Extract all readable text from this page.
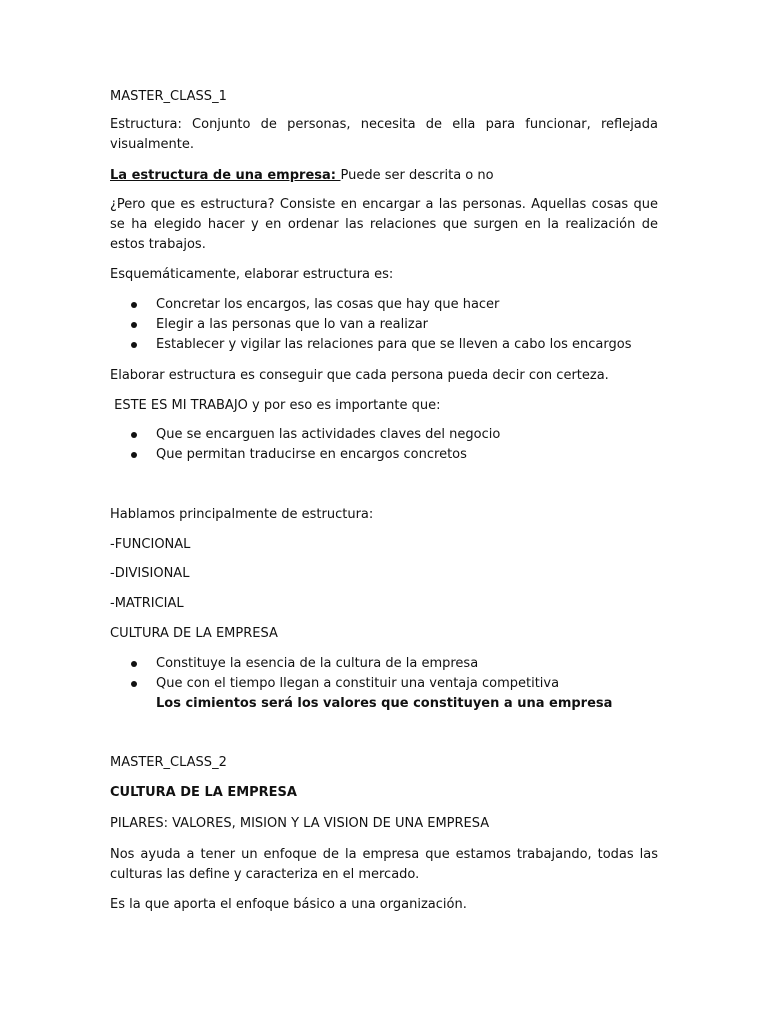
MASTER_CLASS_1

Estructura: Conjunto de personas, necesita de ella para funcionar, reflejada visualmente.

La estructura de una empresa: Puede ser descrita o no

¿Pero que es estructura? Consiste en encargar a las personas. Aquellas cosas que se ha elegido hacer y en ordenar las relaciones que surgen en la realización de estos trabajos.

Esquemáticamente, elaborar estructura es:

Concretar los encargos, las cosas que hay que hacer

Elegir a las personas que lo van a realizar

Establecer y vigilar las relaciones para que se lleven a cabo los encargos

Elaborar estructura es conseguir que cada persona pueda decir con certeza.

ESTE ES MI TRABAJO y por eso es importante que:

Que se encarguen las actividades claves del negocio

Que permitan traducirse en encargos concretos

Hablamos principalmente de estructura:

-FUNCIONAL

-DIVISIONAL

-MATRICIAL

CULTURA DE LA EMPRESA

Constituye la esencia de la cultura de la empresa

Que con el tiempo llegan a constituir una ventaja competitiva

Los cimientos será los valores que constituyen a una empresa

MASTER_CLASS_2

CULTURA DE LA EMPRESA

PILARES: VALORES, MISION Y LA VISION DE UNA EMPRESA

Nos ayuda a tener un enfoque de la empresa que estamos trabajando, todas las culturas las define y caracteriza en el mercado.

Es la que aporta el enfoque básico a una organización.
